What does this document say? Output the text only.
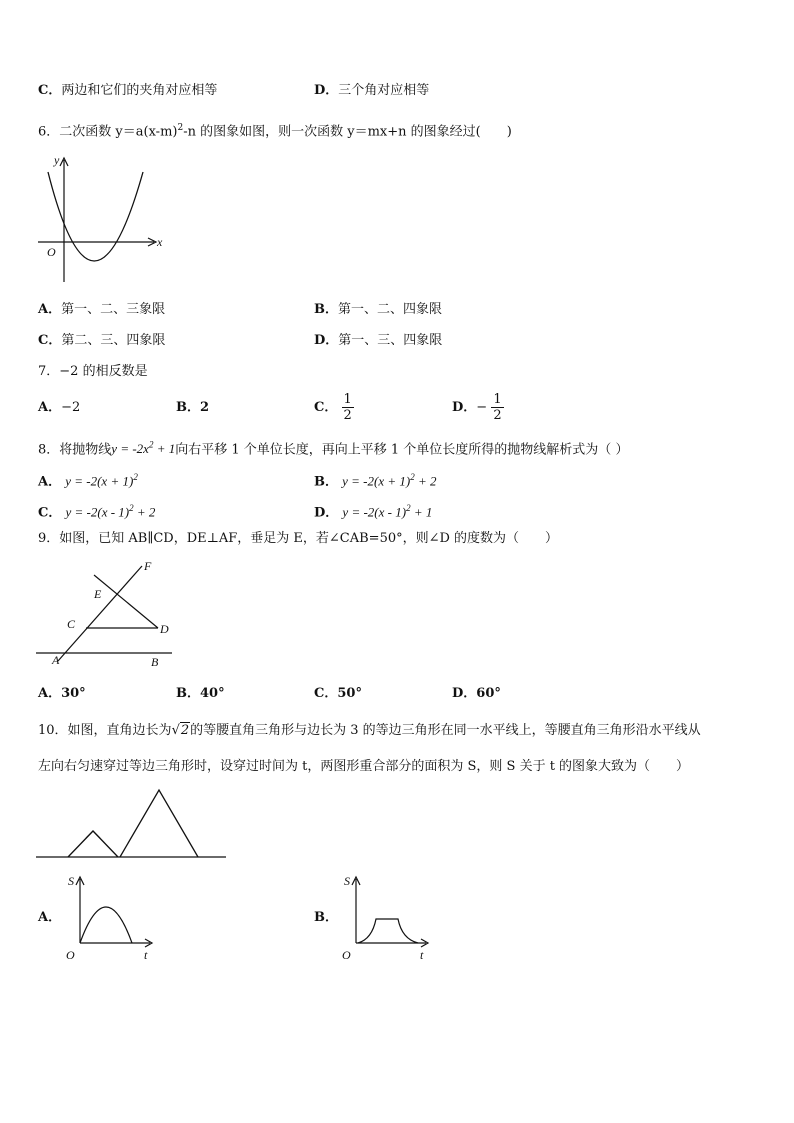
C．两边和它们的夹角对应相等	D．三个角对应相等
6．二次函数 $y=a(x-m)^2-n$ 的图象如图，则一次函数 y＝mx+n 的图象经过(　　)
y
x
O
A．第一、二、三象限	B．第一、二、四象限
C．第二、三、四象限	D．第一、三、四象限
7．−2 的相反数是
A．−2	B．2	C． $\frac{1}{2}$	D．− $\frac{1}{2}$
8．将抛物线$y = -2x^2 + 1$向右平移 1 个单位长度，再向上平移 1 个单位长度所得的抛物线解析式为（ ）
A． $y = -2(x + 1)^2$	B． $y = -2(x + 1)^2 + 2$
C． y = -2(x - 1)$^2$ + 2	D． y = -2(x - 1)$^2$ + 1
9．如图，已知 AB∥CD，DE⊥AF，垂足为 E，若∠CAB=50°，则∠D 的度数为（　　）
F
E
C	D
A	B
A．30°	B．40°	C．50°	D．60°
10．如图，直角边长为√2的等腰直角三角形与边长为 3 的等边三角形在同一水平线上，等腰直角三角形沿水平线从
左向右匀速穿过等边三角形时，设穿过时间为 t，两图形重合部分的面积为 S，则 S 关于 t 的图象大致为（　　）
A．
S
t
O
B．
S
t
O
